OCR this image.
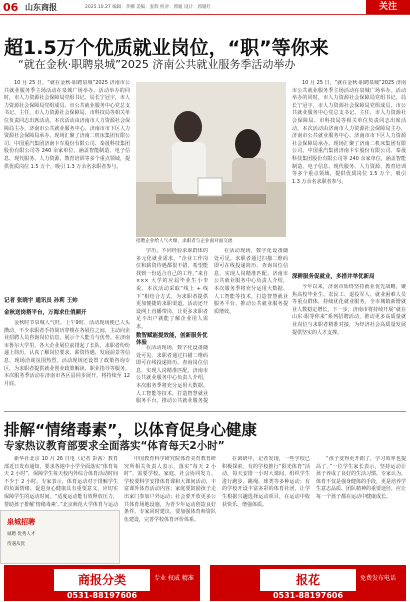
06 山东商报	2025.10.27 编辑：李娜 美编：张辉 校对：郭媛 设计：郭媛红	关注
超1.5万个优质就业岗位，“职”等你来
“就在金秋·职聘泉城”2025 济南公共就业服务季活动举办

10 月 25 日，“就在金秋·职聘泉城”2025 济南市公共就业服务季主场活动在泉城广场举办。活动举办的同时，市人力资源社会保障局党组书记、局长宁冠宇，市人力资源社会保障局党组成员、市公共就业服务中心党总支书记、主任，市人力资源社会保障局、市科技局等相关单位负责同志出席活动。本次活动由济南市人力资源社会保障局主办，济南市公共就业服务中心、济南市市下区人力资源社会保障局承办。现场汇聚了济南二机床集团有限公司、中国重汽集团济南卡车股份有限公司、泰晟科技集团股份有限公司等 240 余家单位，涵盖智能制造、电子信息、现代服务、人力资源、教育培训等多个重点领域，提供优质岗位 1.5 万个，吸引 1.3 万余名求职者参与。

记者 张晓宇 通讯员 孙莉 王帅
金秋送岗搭平台，万海求仕俏颜开

金秋时节泉城人气旺。上午9时，活动现场便已人头攒动，不少求职者手持简历穿梭在各展位之间，主动向企业招聘人员咨询岗位信息，展示个人能力与优势。在济南市鲁尔大学里，各大企业展位前排起了长队，求职者纷纷递上简历，认真了解岗位要求、薪资待遇、发展前景等信息，现场洽谈氛围热烈。活动现场还设置了政策咨询专区，为求职者提供就业创业政策解读、职业指导等服务。本次服务季活动在济南市各区县同步展开，将持续至 12 月底。

招聘企业给人气火爆，求职者与企业面对面交流

学历、不同经验求职群体的多元化就业需求。“企业工作岗位和薪资待遇都很不错，希望能找到一份适合自己的工作。”来自 ××× 大学的应届毕业生小李说。本次活动采取“线上 + 线下”相结合方式，为求职者提供更加便捷的求职渠道。活动还开设网上直播带岗，让更多求职者足不出户就能了解企业用人需求。

数智赋能提效能，创新服务优体验

在活动现场，数字化设备随处可见。求职者通过扫描二维码即可在线投递简历、查询岗位信息，实现人岗精准匹配。济南市公共就业服务中心负责人介绍，本次服务季将充分运用大数据、人工智能等技术，打造智慧就业服务平台，推动公共就业服务提

在活动现场，数字化设备随处可见。求职者通过扫描二维码即可在线投递简历、查询岗位信息，实现人岗精准匹配。济南市公共就业服务中心负责人介绍，本次服务季将充分运用大数据、人工智能等技术，打造智慧就业服务平台，推动公共就业服务提质增效。

10 月 25 日，“就在金秋·职聘泉城”2025 济南市公共就业服务季主场活动在泉城广场举办。活动举办的同时，市人力资源社会保障局党组书记、局长宁冠宇，市人力资源社会保障局党组成员、市公共就业服务中心党总支书记、主任，市人力资源社会保障局、市科技局等相关单位负责同志出席活动。本次活动由济南市人力资源社会保障局主办，济南市公共就业服务中心、济南市市下区人力资源社会保障局承办。现场汇聚了济南二机床集团有限公司、中国重汽集团济南卡车股份有限公司、泰晟科技集团股份有限公司等 240 余家单位，涵盖智能制造、电子信息、现代服务、人力资源、教育培训等多个重点领域，提供优质岗位 1.5 万个，吸引 1.3 万余名求职者参与。

深耕服务促就业，多措并举优新局

今年以来，济南市始终坚持就业优先战略，聚焦高校毕业生、农民工、退役军人、就业困难人员等重点群体，持续优化就业服务，全市城镇新增就业人数稳定增长。下一步，济南市将持续开展“就在山东·职等你来”系列招聘活动，推动更多高质量就业岗位与求职者精准对接，为经济社会高质量发展提供坚实的人才支撑。

排解“情绪毒素”，以体育促身心健康
专家热议教育部要求全面落实“体育每天2小时”

新华社北京 10 月 26 日电（记者 彭茜）教育部近日发布通知，要求各地中小学全面落实“体育每天 2 小时”，保障学生每天校内外综合体育活动时间不少于 2 小时。专家表示，体育运动对于排解学生的负面情绪、促进身心健康具有重要意义，应切实保障学生的运动时间。“适度运动能有效释放压力，帮助孩子排解‘情绪毒素’。”北京师范大学体育与运动

泉城招聘
诚聘 优秀人才
待遇从优

中国教育科学研究院体育美育教育研究所相关负责人表示，落实“每天 2 小时”，需要学校、家庭、社会协同发力。学校要科学安排体育课和大课间活动，丰富课外体育活动内容；家庭要鼓励孩子走出家门参加户外运动；社会要开放更多公共体育场地设施，为青少年运动创造良好条件。专家同时建议，要加强体育师资队伍建设，完善学校体育评价体系。

在调研中，记者发现，一些学校已积极探索。有的学校推行“阳光体育”活动，每天安排一小时大课间，组织学生进行跑步、跳绳、球类等多种运动；有的学校开设丰富多彩的体育社团，让学生根据兴趣选择运动项目，在运动中收获快乐、增强体质。

“孩子变得更开朗了，学习效率也提高了。”一位学生家长表示，坚持运动让孩子养成了良好的生活习惯。专家认为，体育不仅是强身健体的手段，更是培养学生意志品质、团队精神的重要途径，应让每一个孩子都在运动中健康成长。

商报分类	专业 权威 精准
0531-88197606
报花	免费发布电话
0531-88197606
